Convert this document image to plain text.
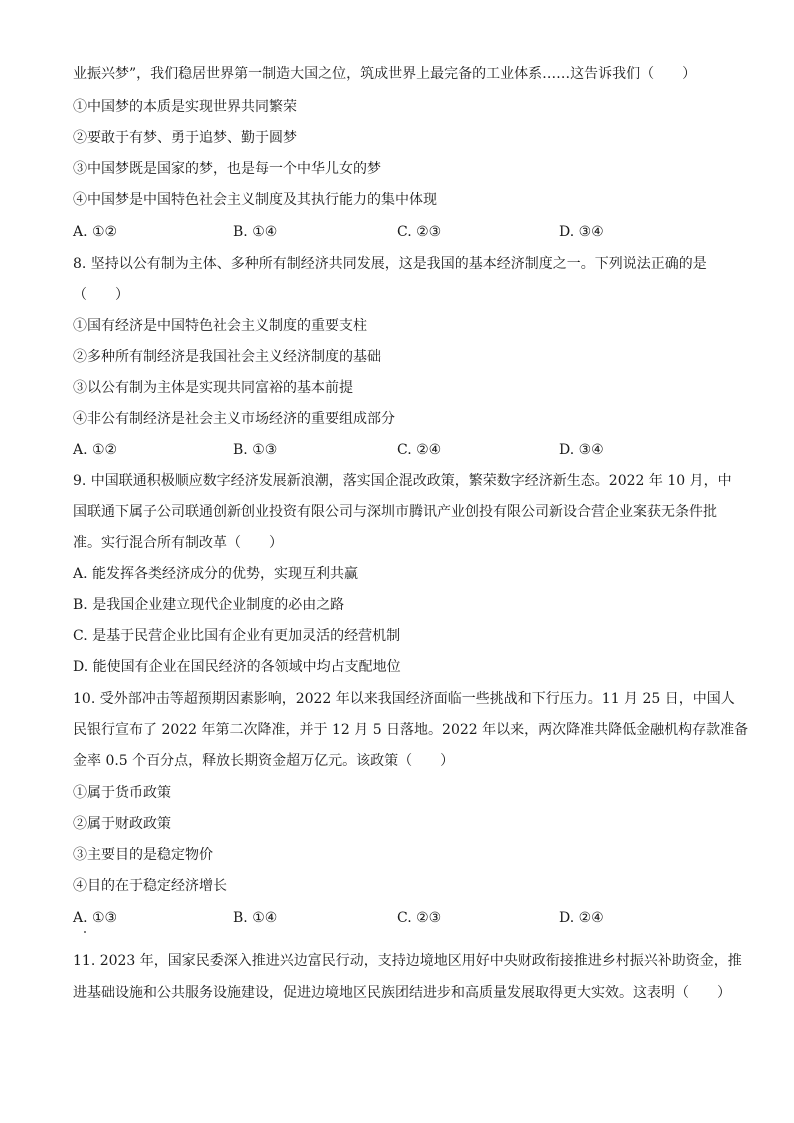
业振兴梦”，我们稳居世界第一制造大国之位，筑成世界上最完备的工业体系……这告诉我们（　　）
①中国梦的本质是实现世界共同繁荣
②要敢于有梦、勇于追梦、勤于圆梦
③中国梦既是国家的梦，也是每一个中华儿女的梦
④中国梦是中国特色社会主义制度及其执行能力的集中体现
A. ①②	B. ①④	C. ②③	D. ③④
8. 坚持以公有制为主体、多种所有制经济共同发展，这是我国的基本经济制度之一。下列说法正确的是
（　　）
①国有经济是中国特色社会主义制度的重要支柱
②多种所有制经济是我国社会主义经济制度的基础
③以公有制为主体是实现共同富裕的基本前提
④非公有制经济是社会主义市场经济的重要组成部分
A. ①②	B. ①③	C. ②④	D. ③④
9. 中国联通积极顺应数字经济发展新浪潮，落实国企混改政策，繁荣数字经济新生态。2022 年 10 月，中
国联通下属子公司联通创新创业投资有限公司与深圳市腾讯产业创投有限公司新设合营企业案获无条件批
准。实行混合所有制改革（　　）
A. 能发挥各类经济成分的优势，实现互利共赢
B. 是我国企业建立现代企业制度的必由之路
C. 是基于民营企业比国有企业有更加灵活的经营机制
D. 能使国有企业在国民经济的各领域中均占支配地位
10. 受外部冲击等超预期因素影响，2022 年以来我国经济面临一些挑战和下行压力。11 月 25 日，中国人
民银行宣布了 2022 年第二次降准，并于 12 月 5 日落地。2022 年以来，两次降准共降低金融机构存款准备
金率 0.5 个百分点，释放长期资金超万亿元。该政策（　　）
①属于货币政策
②属于财政政策
③主要目的是稳定物价
④目的在于稳定经济增长
A. ①③	B. ①④	C. ②③	D. ②④
11. 2023 年，国家民委深入推进兴边富民行动，支持边境地区用好中央财政衔接推进乡村振兴补助资金，推
进基础设施和公共服务设施建设，促进边境地区民族团结进步和高质量发展取得更大实效。这表明（　　）
